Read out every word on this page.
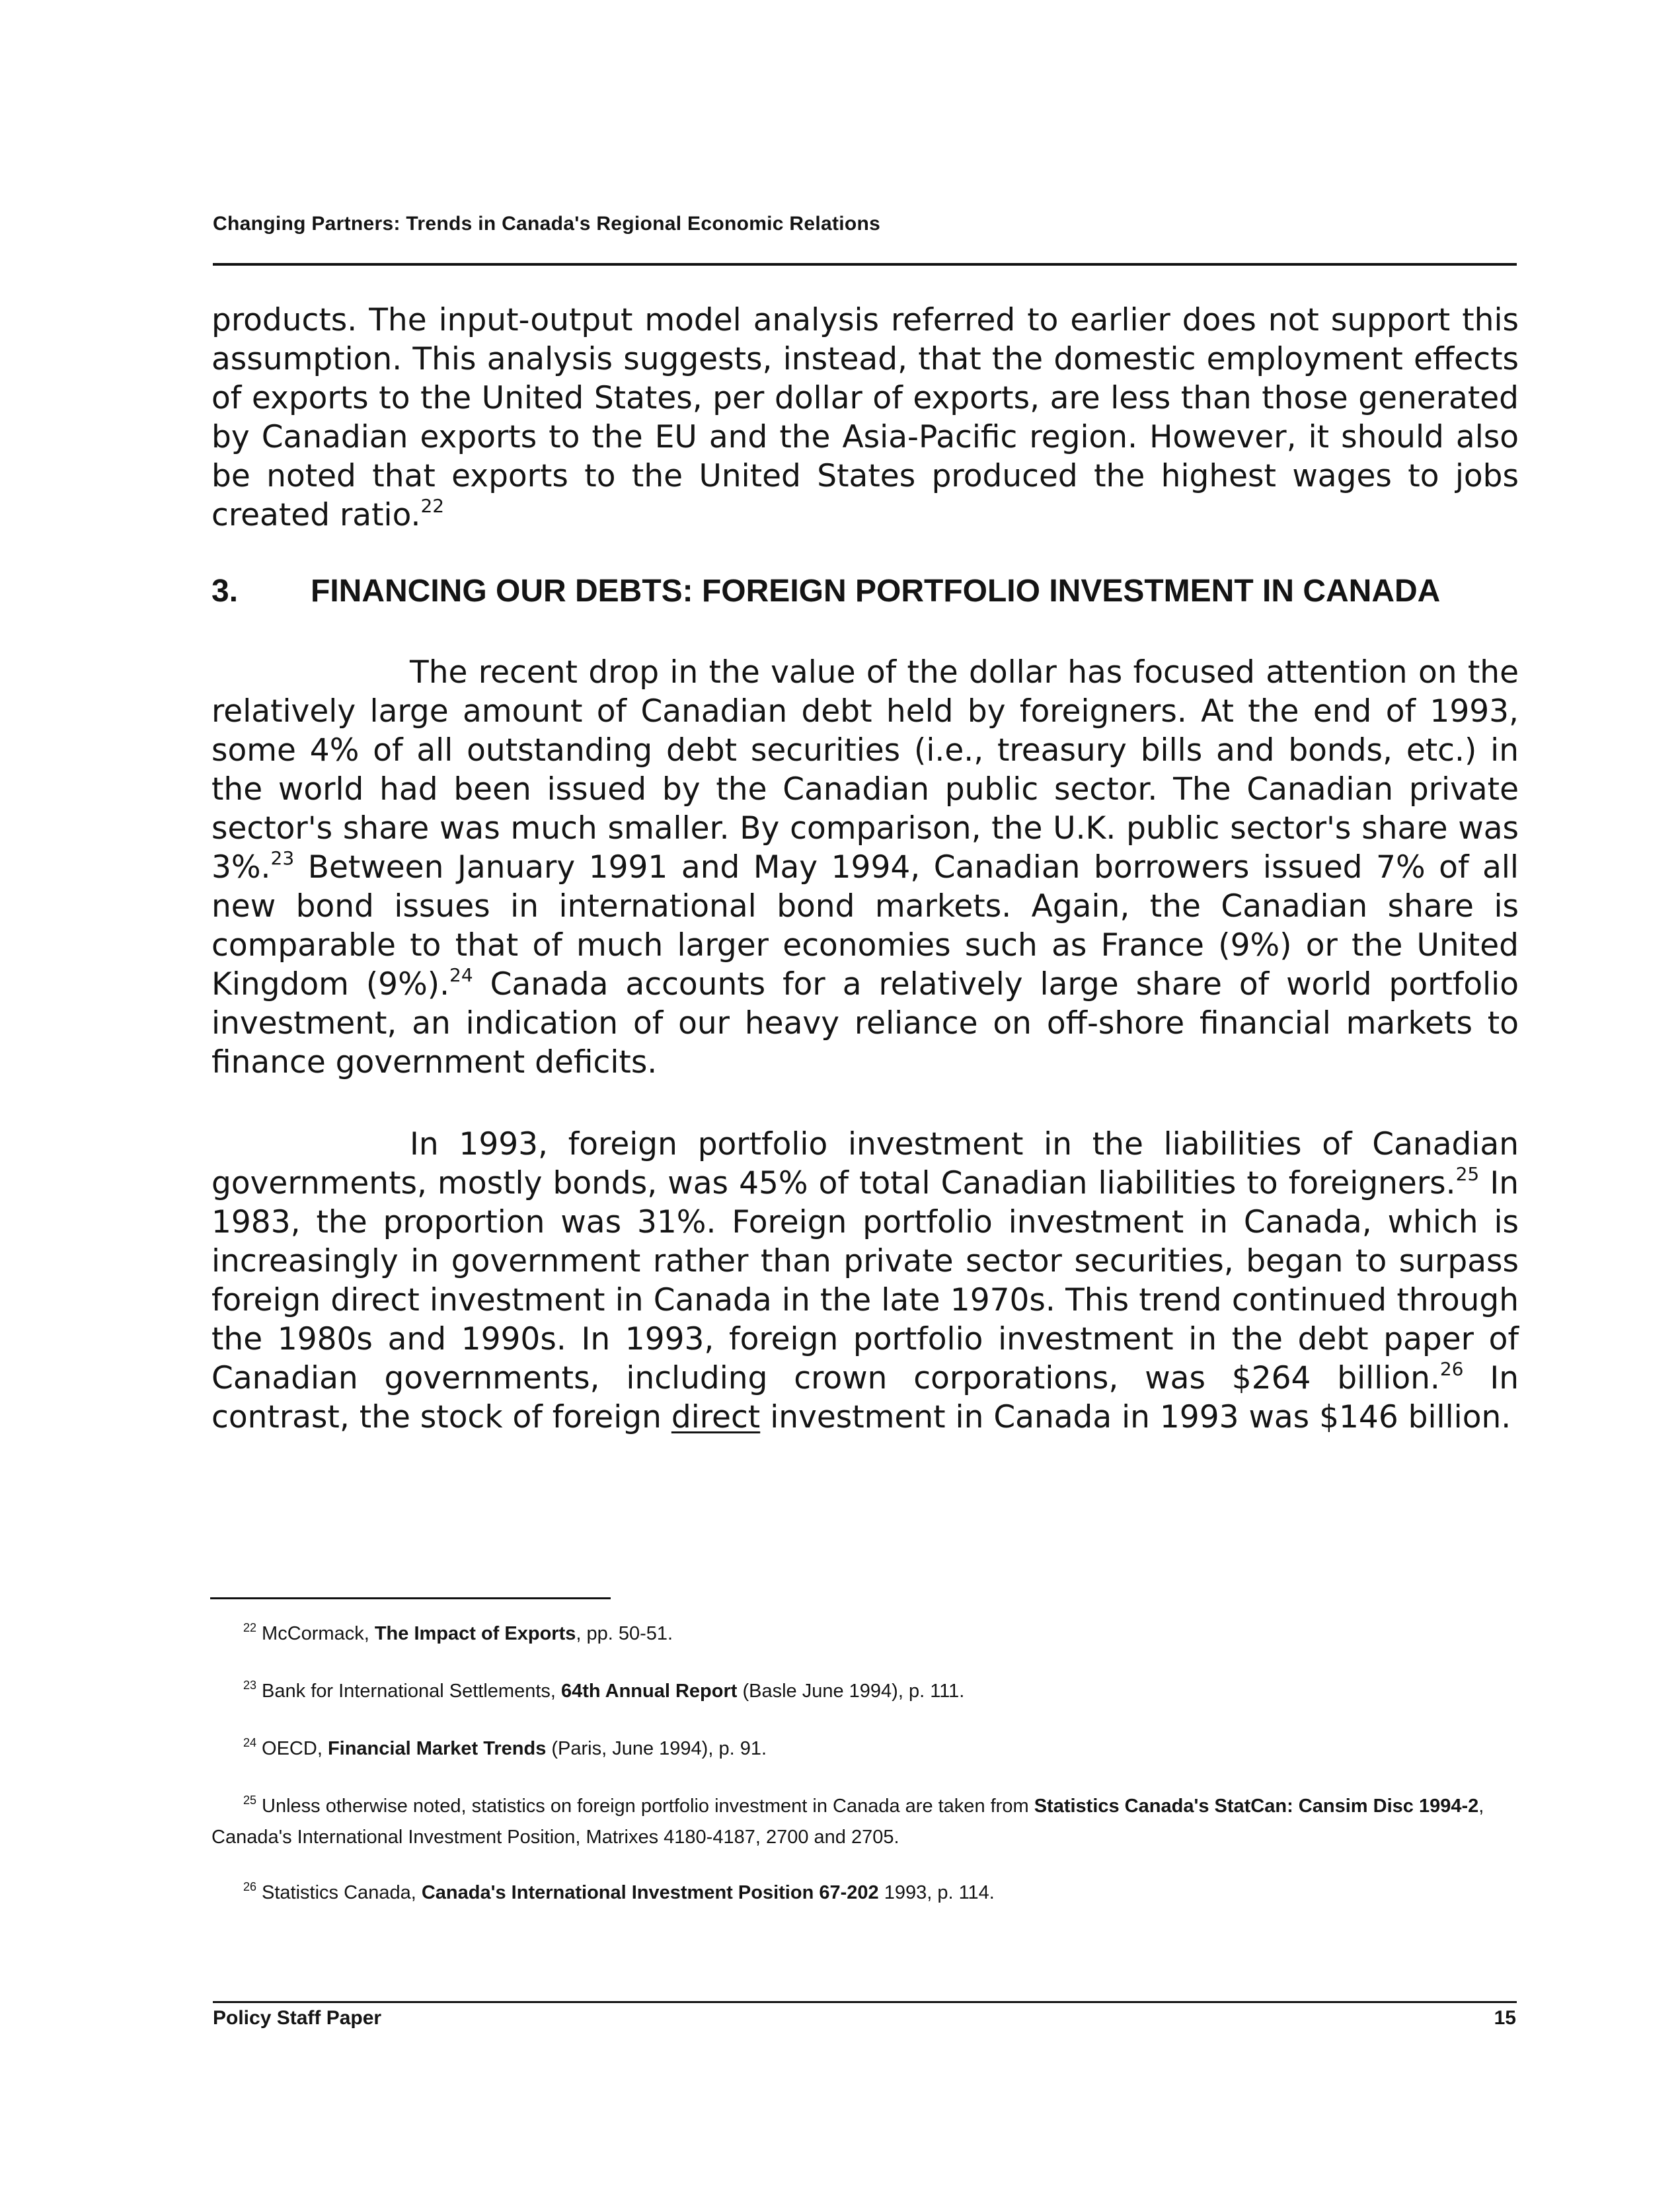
Changing Partners: Trends in Canada's Regional Economic Relations

products. The input-output model analysis referred to earlier does not support this assumption. This analysis suggests, instead, that the domestic employment effects of exports to the United States, per dollar of exports, are less than those generated by Canadian exports to the EU and the Asia-Pacific region. However, it should also be noted that exports to the United States produced the highest wages to jobs created ratio.$^{22}$

3. FINANCING OUR DEBTS: FOREIGN PORTFOLIO INVESTMENT IN CANADA

The recent drop in the value of the dollar has focused attention on the relatively large amount of Canadian debt held by foreigners. At the end of 1993, some 4% of all outstanding debt securities (i.e., treasury bills and bonds, etc.) in the world had been issued by the Canadian public sector. The Canadian private sector's share was much smaller. By comparison, the U.K. public sector's share was 3%.$^{23}$ Between January 1991 and May 1994, Canadian borrowers issued 7% of all new bond issues in international bond markets. Again, the Canadian share is comparable to that of much larger economies such as France (9%) or the United Kingdom (9%).$^{24}$ Canada accounts for a relatively large share of world portfolio investment, an indication of our heavy reliance on off-shore financial markets to finance government deficits.

In 1993, foreign portfolio investment in the liabilities of Canadian governments, mostly bonds, was 45% of total Canadian liabilities to foreigners.$^{25}$ In 1983, the proportion was 31%. Foreign portfolio investment in Canada, which is increasingly in government rather than private sector securities, began to surpass foreign direct investment in Canada in the late 1970s. This trend continued through the 1980s and 1990s. In 1993, foreign portfolio investment in the debt paper of Canadian governments, including crown corporations, was $264 billion.$^{26}$ In contrast, the stock of foreign direct investment in Canada in 1993 was $146 billion.

$^{22}$ McCormack, The Impact of Exports, pp. 50-51.

$^{23}$ Bank for International Settlements, 64th Annual Report (Basle June 1994), p. 111.

$^{24}$ OECD, Financial Market Trends (Paris, June 1994), p. 91.

$^{25}$ Unless otherwise noted, statistics on foreign portfolio investment in Canada are taken from Statistics Canada's StatCan: Cansim Disc 1994-2, Canada's International Investment Position, Matrixes 4180-4187, 2700 and 2705.

$^{26}$ Statistics Canada, Canada's International Investment Position 67-202 1993, p. 114.

Policy Staff Paper	15
